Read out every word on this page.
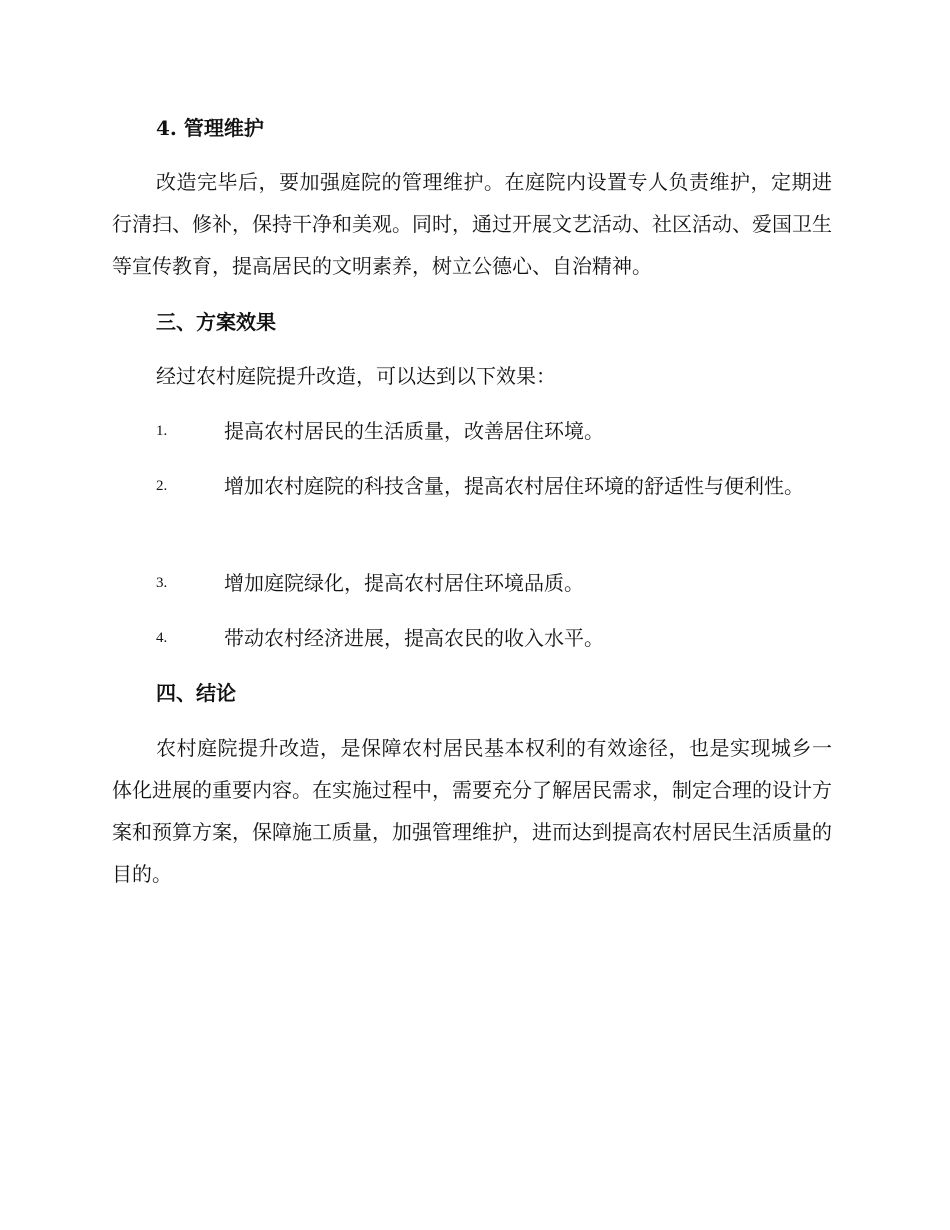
4. 管理维护
改造完毕后，要加强庭院的管理维护。在庭院内设置专人负责维护，定期进行清扫、修补，保持干净和美观。同时，通过开展文艺活动、社区活动、爱国卫生等宣传教育，提高居民的文明素养，树立公德心、自治精神。
三、方案效果
经过农村庭院提升改造，可以达到以下效果：
1.	提高农村居民的生活质量，改善居住环境。
2.	增加农村庭院的科技含量，提高农村居住环境的舒适性与便利性。
3.	增加庭院绿化，提高农村居住环境品质。
4.	带动农村经济进展，提高农民的收入水平。
四、结论
农村庭院提升改造，是保障农村居民基本权利的有效途径，也是实现城乡一体化进展的重要内容。在实施过程中，需要充分了解居民需求，制定合理的设计方案和预算方案，保障施工质量，加强管理维护，进而达到提高农村居民生活质量的目的。
